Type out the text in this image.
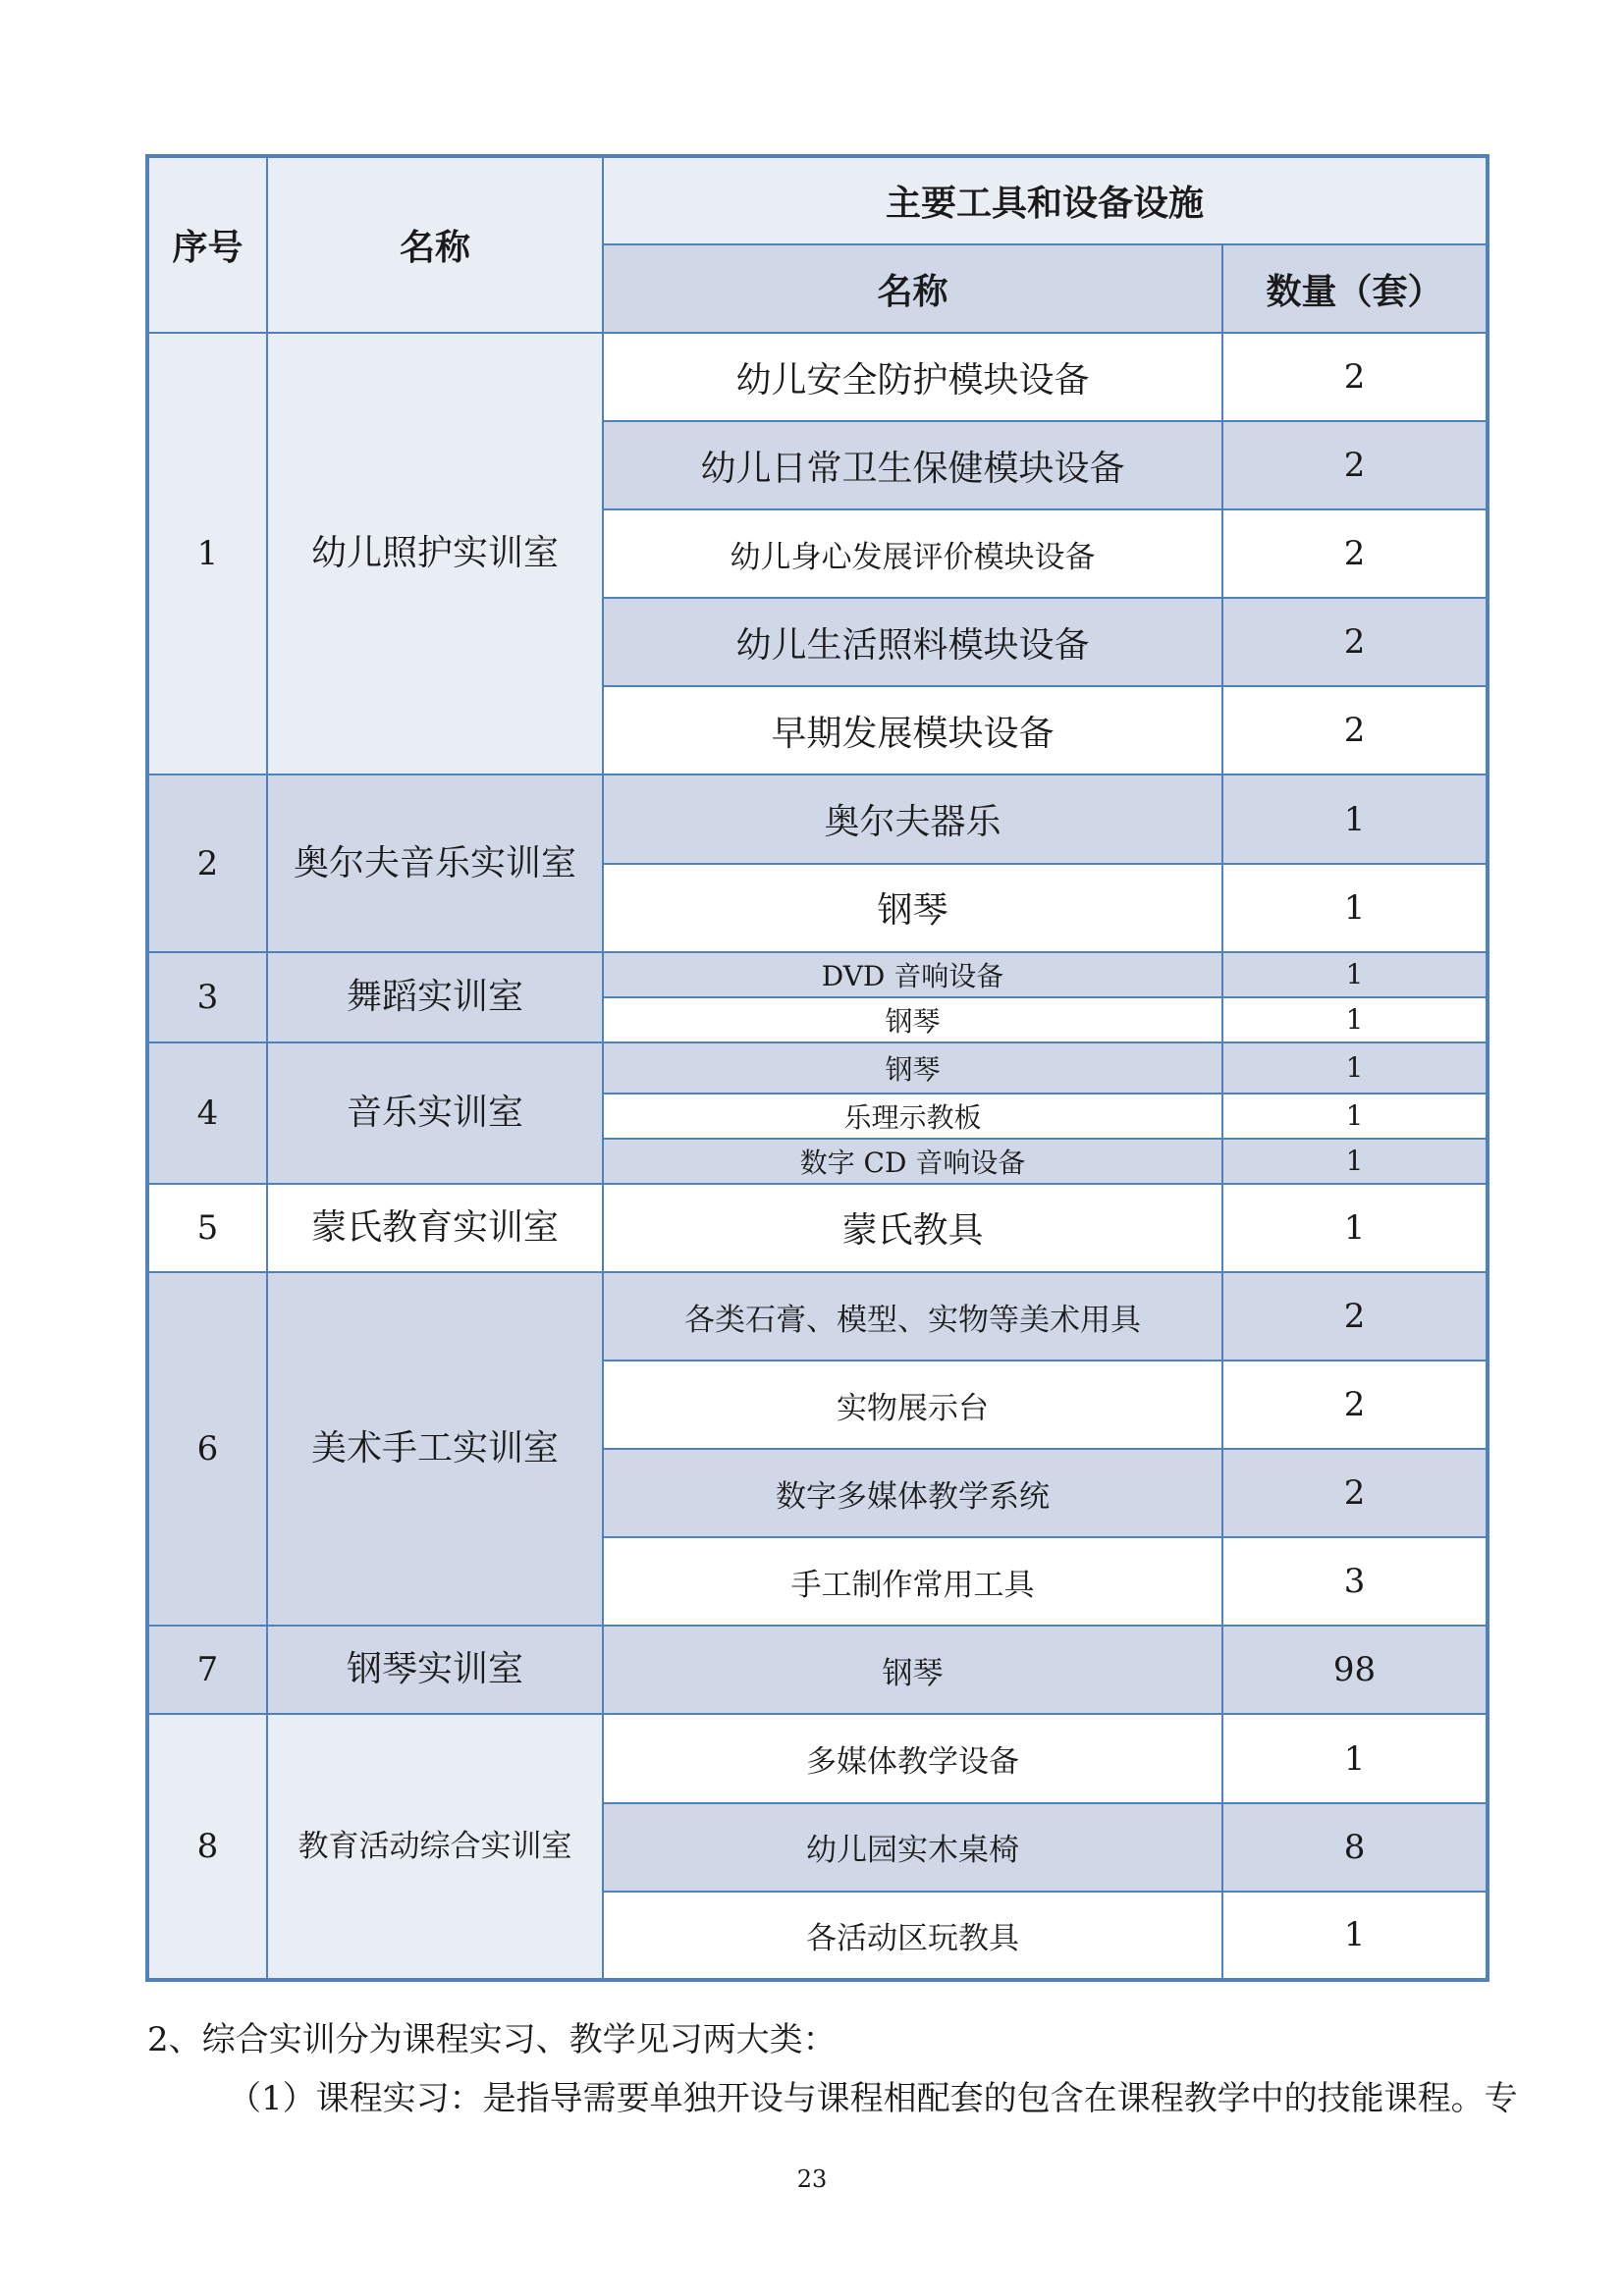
序号	名称	主要工具和设备设施	
		名称	数量（套）
1	幼儿照护实训室	幼儿安全防护模块设备	2
		幼儿日常卫生保健模块设备	2
		幼儿身心发展评价模块设备	2
		幼儿生活照料模块设备	2
		早期发展模块设备	2
2	奥尔夫音乐实训室	奥尔夫器乐	1
		钢琴	1
3	舞蹈实训室	DVD 音响设备	1
		钢琴	1
4	音乐实训室	钢琴	1
		乐理示教板	1
		数字 CD 音响设备	1
5	蒙氏教育实训室	蒙氏教具	1
6	美术手工实训室	各类石膏、模型、实物等美术用具	2
		实物展示台	2
		数字多媒体教学系统	2
		手工制作常用工具	3
7	钢琴实训室	钢琴	98
8	教育活动综合实训室	多媒体教学设备	1
		幼儿园实木桌椅	8
		各活动区玩教具	1
2、综合实训分为课程实习、教学见习两大类：
（1）课程实习：是指导需要单独开设与课程相配套的包含在课程教学中的技能课程。专
23
